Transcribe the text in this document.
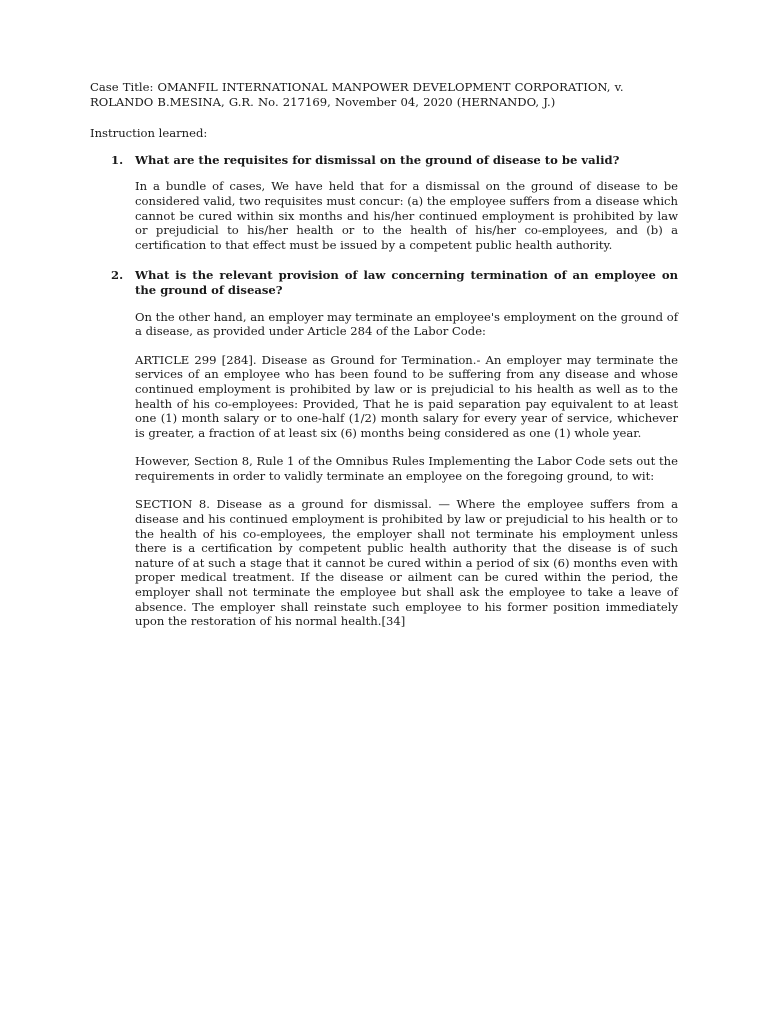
Case Title: OMANFIL INTERNATIONAL MANPOWER DEVELOPMENT CORPORATION, v. ROLANDO B.MESINA, G.R. No. 217169, November 04, 2020 (HERNANDO, J.)

Instruction learned:

1. What are the requisites for dismissal on the ground of disease to be valid?

In a bundle of cases, We have held that for a dismissal on the ground of disease to be considered valid, two requisites must concur: (a) the employee suffers from a disease which cannot be cured within six months and his/her continued employment is prohibited by law or prejudicial to his/her health or to the health of his/her co-employees, and (b) a certification to that effect must be issued by a competent public health authority.

2. What is the relevant provision of law concerning termination of an employee on the ground of disease?

On the other hand, an employer may terminate an employee's employment on the ground of a disease, as provided under Article 284 of the Labor Code:

ARTICLE 299 [284]. Disease as Ground for Termination.- An employer may terminate the services of an employee who has been found to be suffering from any disease and whose continued employment is prohibited by law or is prejudicial to his health as well as to the health of his co-employees: Provided, That he is paid separation pay equivalent to at least one (1) month salary or to one-half (1/2) month salary for every year of service, whichever is greater, a fraction of at least six (6) months being considered as one (1) whole year.

However, Section 8, Rule 1 of the Omnibus Rules Implementing the Labor Code sets out the requirements in order to validly terminate an employee on the foregoing ground, to wit:

SECTION 8. Disease as a ground for dismissal. — Where the employee suffers from a disease and his continued employment is prohibited by law or prejudicial to his health or to the health of his co-employees, the employer shall not terminate his employment unless there is a certification by competent public health authority that the disease is of such nature of at such a stage that it cannot be cured within a period of six (6) months even with proper medical treatment. If the disease or ailment can be cured within the period, the employer shall not terminate the employee but shall ask the employee to take a leave of absence. The employer shall reinstate such employee to his former position immediately upon the restoration of his normal health.[34]
